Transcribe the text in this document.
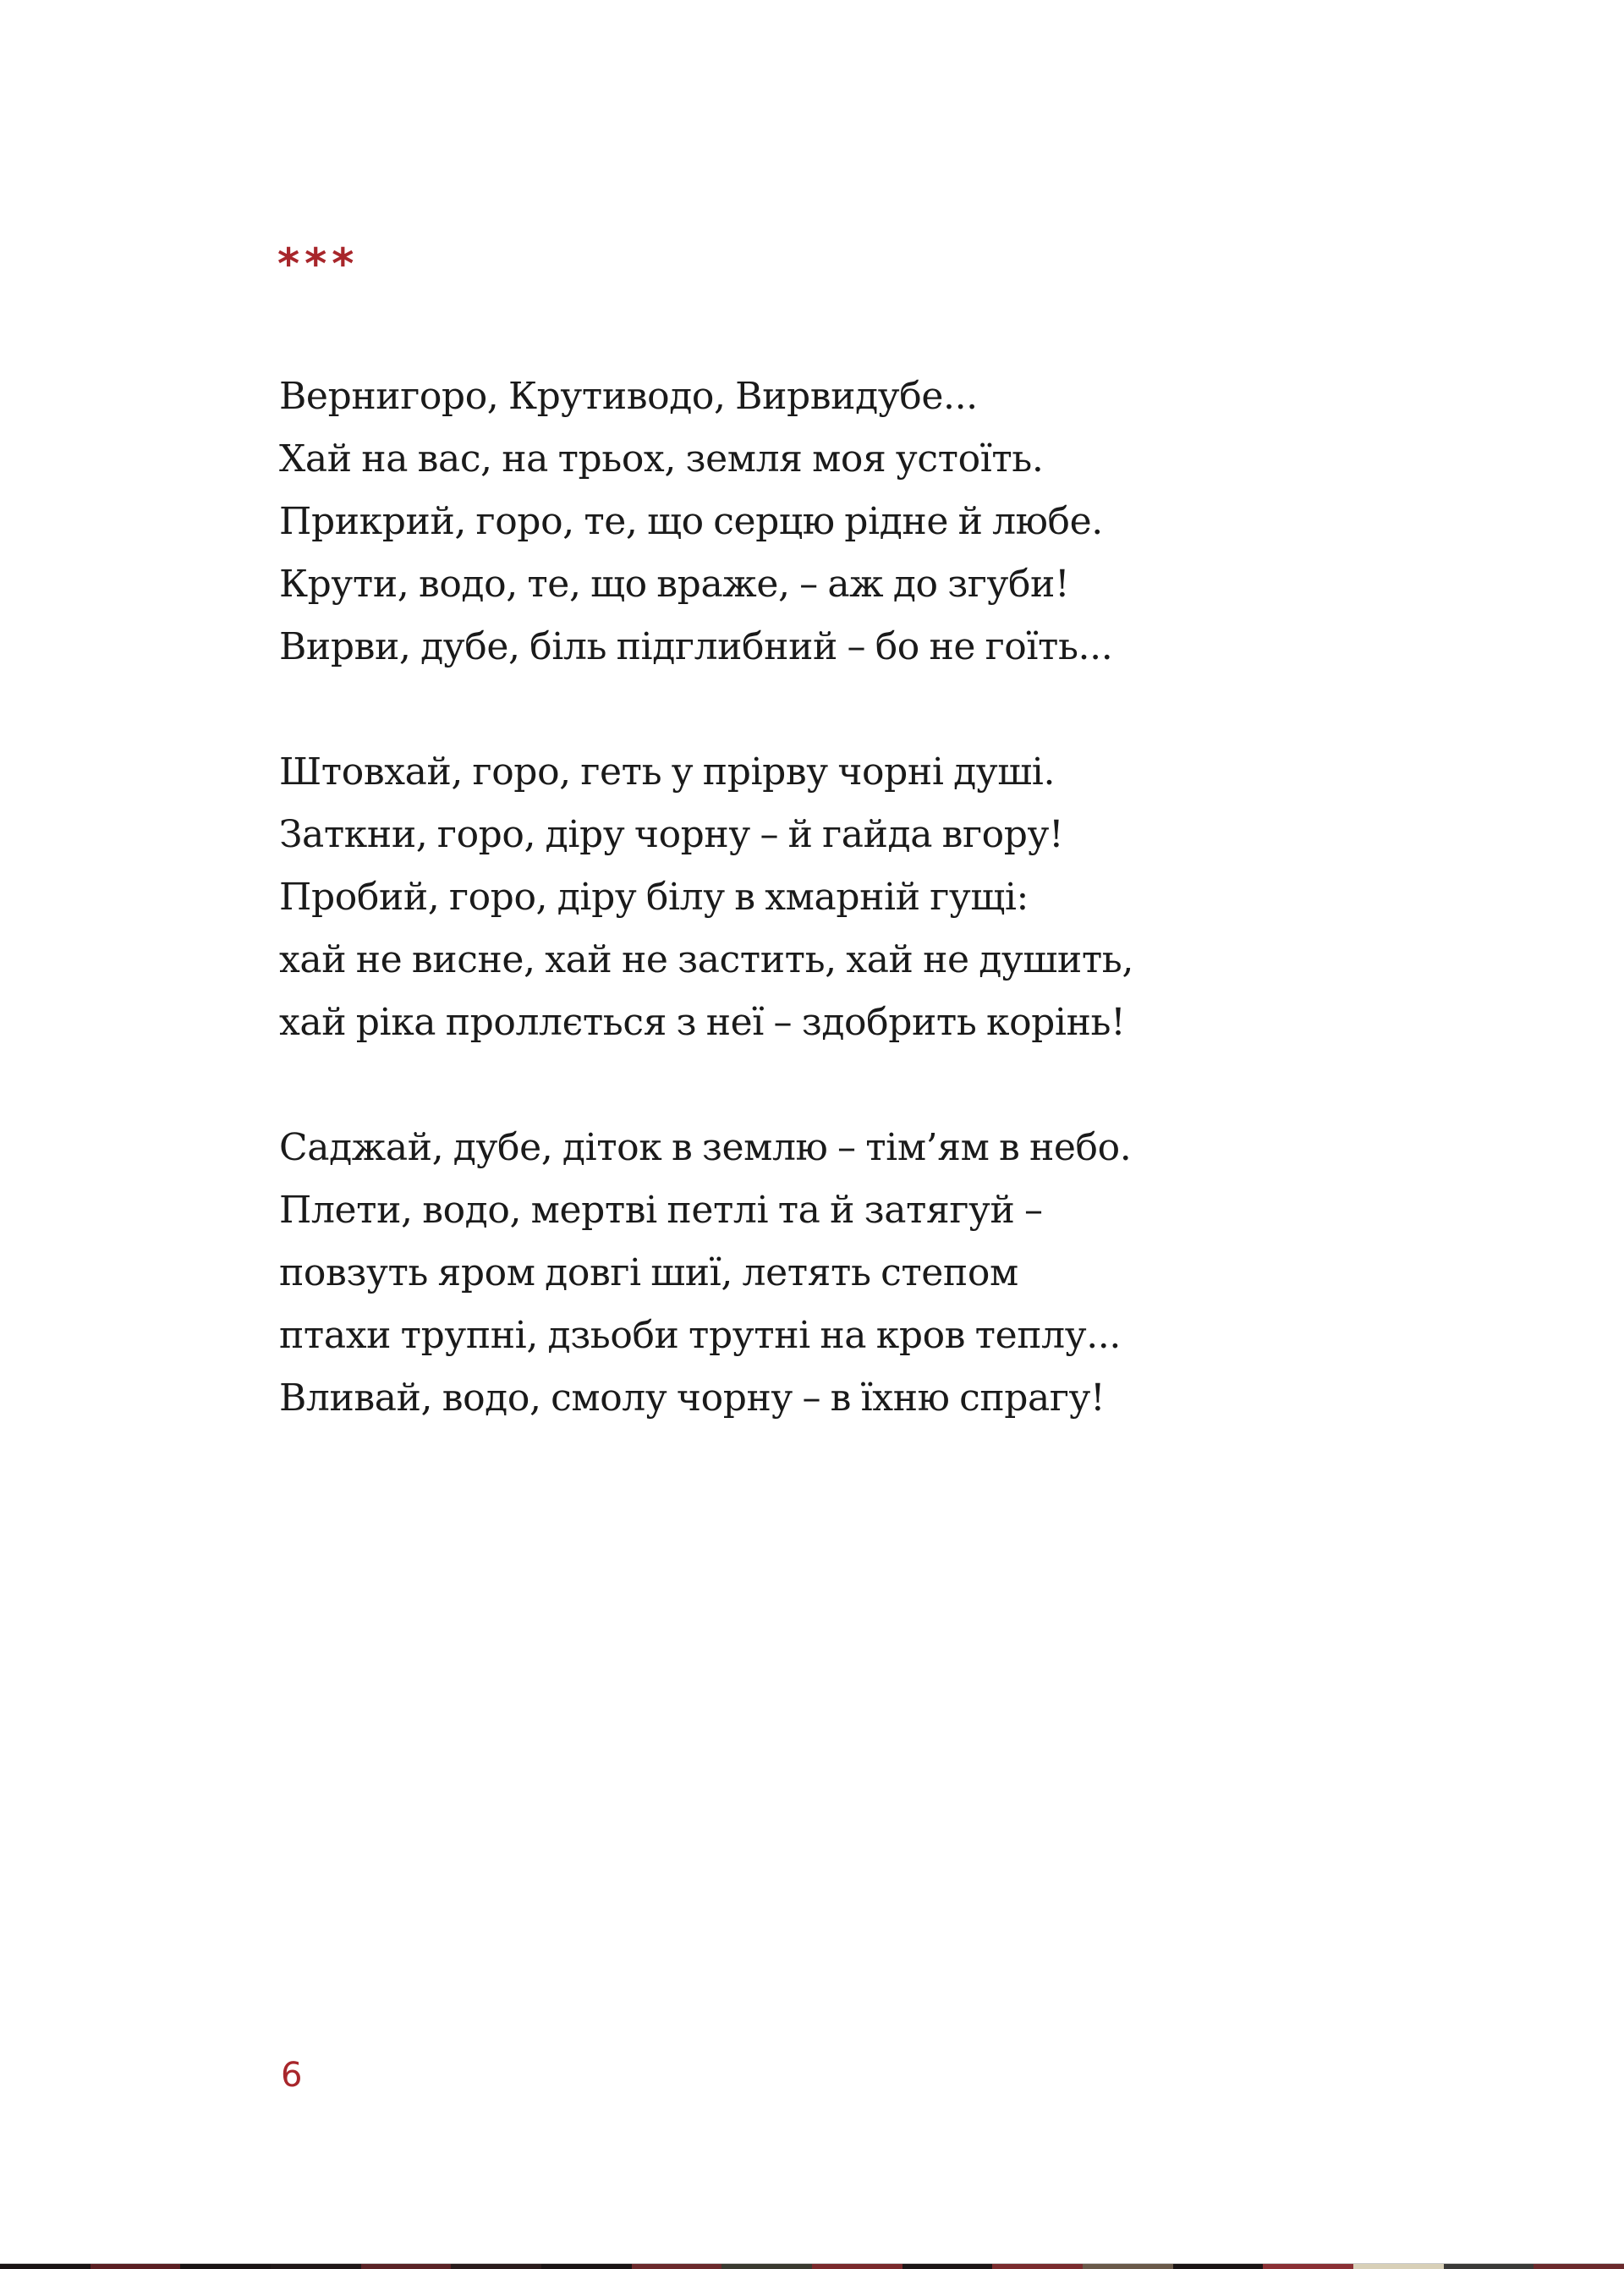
***
Вернигоро, Крутиводо, Вирвидубе...
Хай на вас, на трьох, земля моя устоїть.
Прикрий, горо, те, що серцю рідне й любе.
Крути, водо, те, що враже, – аж до згуби!
Вирви, дубе, біль підглибний – бо не гоїть...
Штовхай, горо, геть у прірву чорні душі.
Заткни, горо, діру чорну – й гайда вгору!
Пробий, горо, діру білу в хмарній гущі:
хай не висне, хай не застить, хай не душить,
хай ріка проллється з неї – здобрить корінь!
Саджай, дубе, діток в землю – тім’ям в небо.
Плети, водо, мертві петлі та й затягуй –
повзуть яром довгі шиї, летять степом
птахи трупні, дзьоби трутні на кров теплу...
Вливай, водо, смолу чорну – в їхню спрагу!
6
